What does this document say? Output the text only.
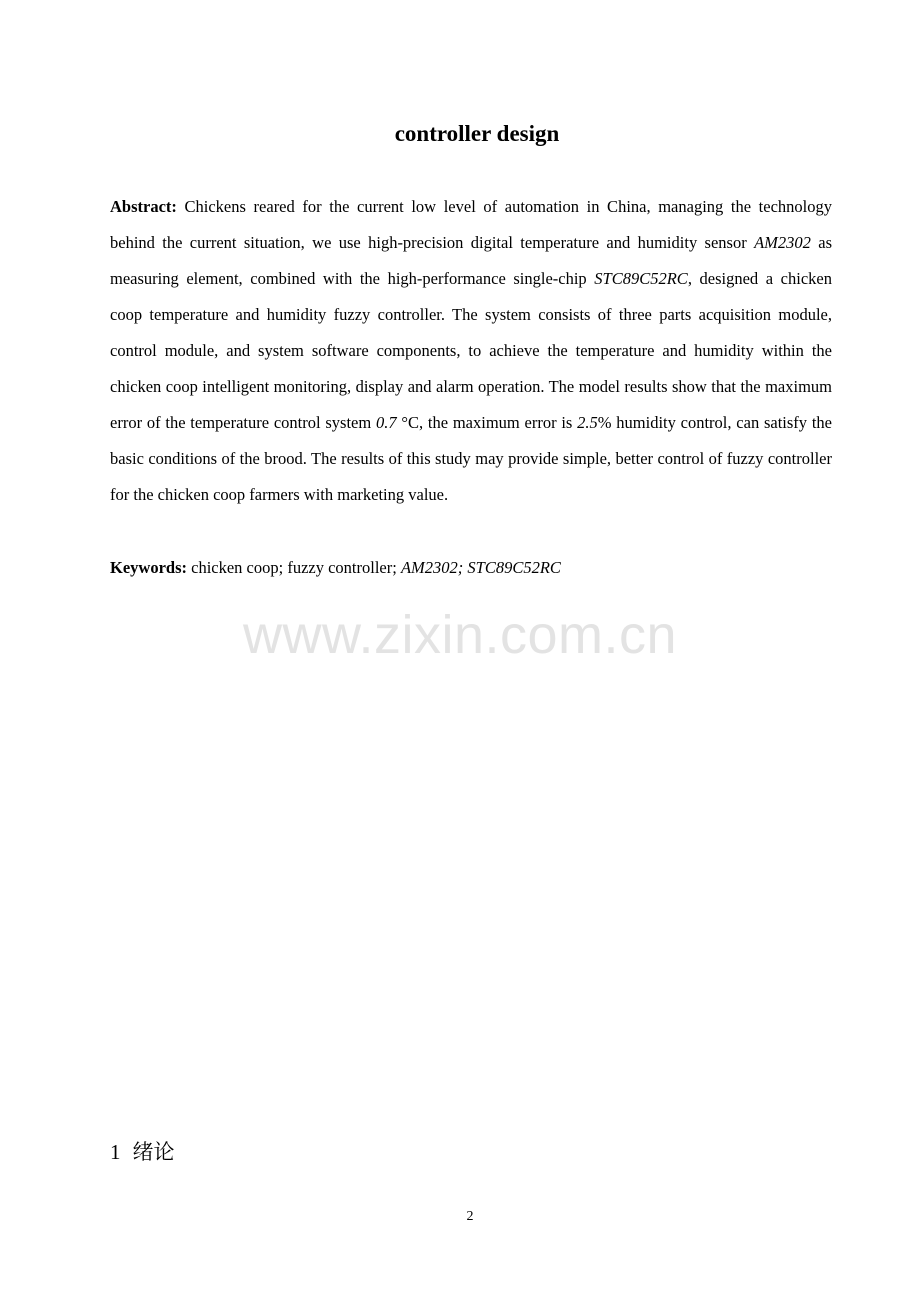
controller design

Abstract: Chickens reared for the current low level of automation in China, managing the technology behind the current situation, we use high-precision digital temperature and humidity sensor AM2302 as measuring element, combined with the high-performance single-chip STC89C52RC, designed a chicken coop temperature and humidity fuzzy controller. The system consists of three parts acquisition module, control module, and system software components, to achieve the temperature and humidity within the chicken coop intelligent monitoring, display and alarm operation. The model results show that the maximum error of the temperature control system 0.7 °C, the maximum error is 2.5% humidity control, can satisfy the basic conditions of the brood. The results of this study may provide simple, better control of fuzzy controller for the chicken coop farmers with marketing value.

Keywords: chicken coop; fuzzy controller; AM2302; STC89C52RC

www.zixin.com.cn
1 绪论
2
